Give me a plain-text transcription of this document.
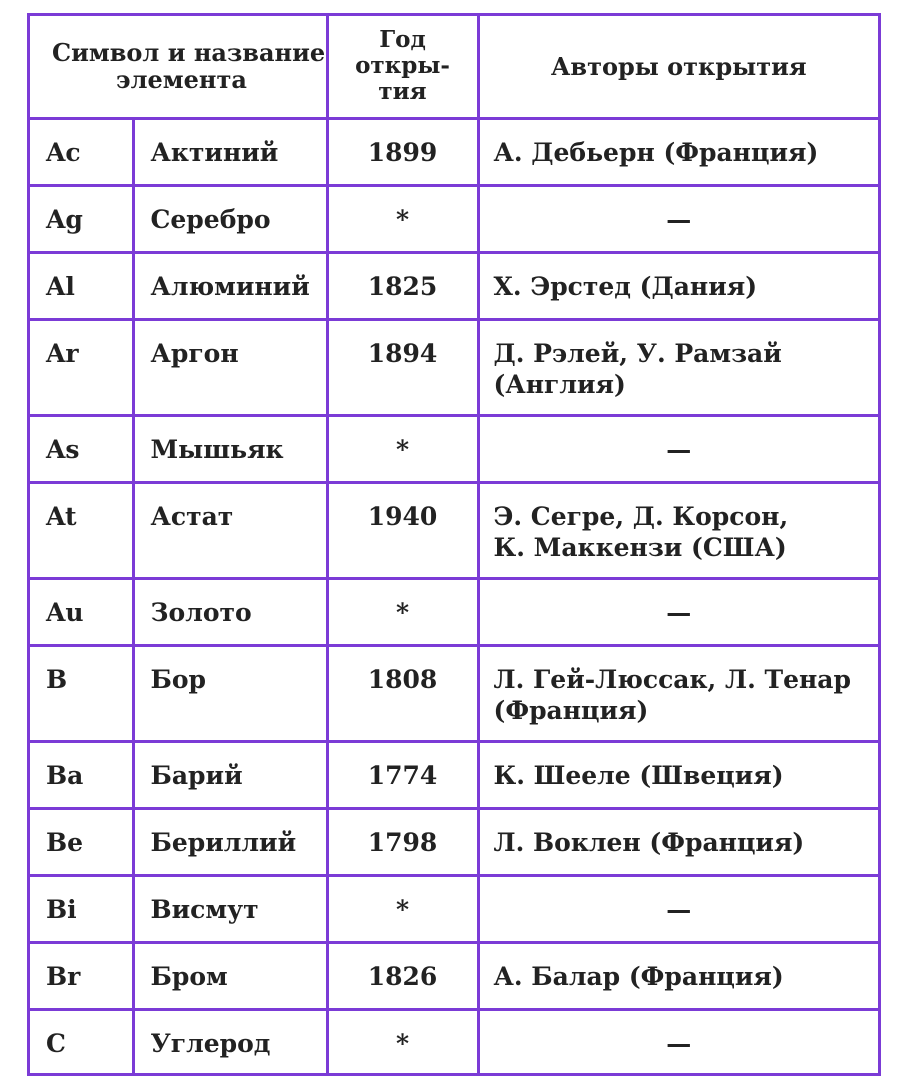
Символ и название
элемента		Год
откры-
тия	Авторы открытия
Ac	Актиний	1899	А. Дебьерн (Франция)

Ag	Серебро	*	—

Al	Алюминий	1825	Х. Эрстед (Дания)

Ar	Аргон	1894	Д. Рэлей, У. Рамзай
(Англия)

As	Мышьяк	*	—

At	Астат	1940	Э. Сегре, Д. Корсон,
К. Маккензи (США)

Au	Золото	*	—

B	Бор	1808	Л. Гей-Люссак, Л. Тенар
(Франция)

Ba	Барий	1774	К. Шееле (Швеция)

Be	Бериллий	1798	Л. Воклен (Франция)

Bi	Висмут	*	—

Br	Бром	1826	А. Балар (Франция)

C	Углерод	*	—
